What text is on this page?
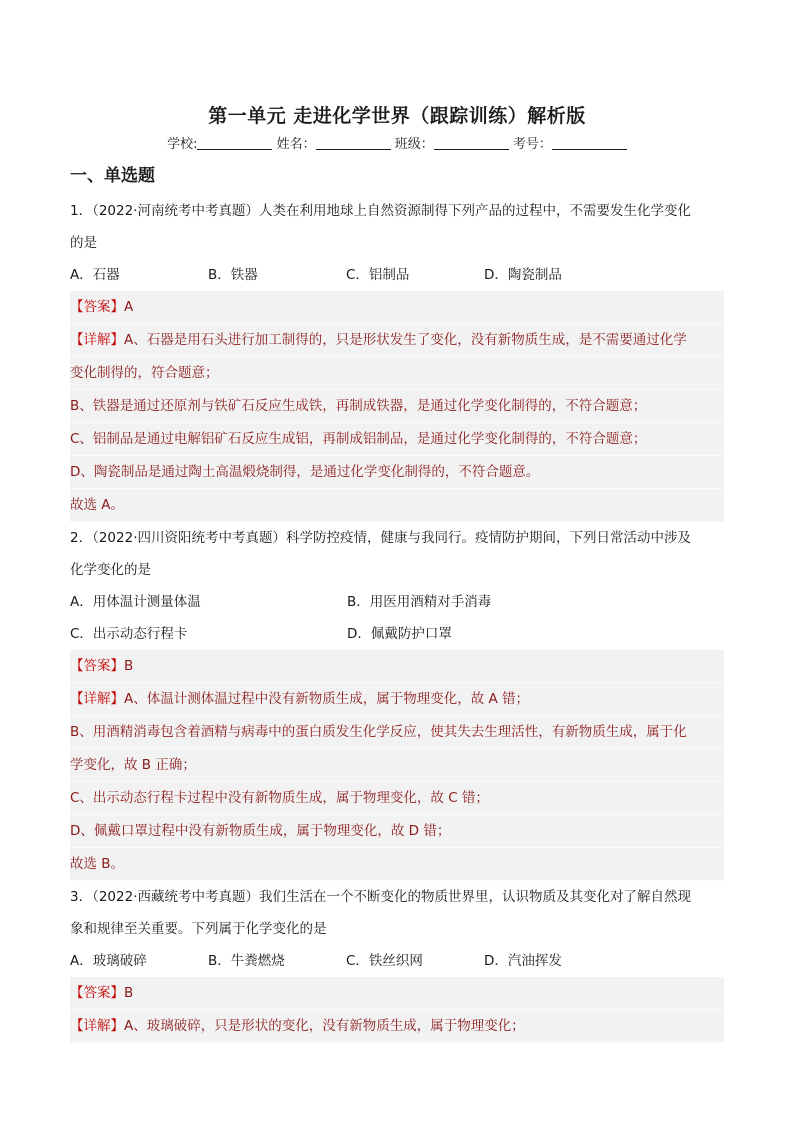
第一单元 走进化学世界（跟踪训练）解析版
学校:	姓名：	班级：	考号：
一、单选题
1．（2022·河南统考中考真题）人类在利用地球上自然资源制得下列产品的过程中，不需要发生化学变化
的是
A．石器	B．铁器	C．铝制品	D．陶瓷制品
【答案】A
【详解】A、石器是用石头进行加工制得的，只是形状发生了变化，没有新物质生成，是不需要通过化学
变化制得的，符合题意；
B、铁器是通过还原剂与铁矿石反应生成铁，再制成铁器，是通过化学变化制得的，不符合题意；
C、铝制品是通过电解铝矿石反应生成铝，再制成铝制品，是通过化学变化制得的，不符合题意；
D、陶瓷制品是通过陶土高温煅烧制得，是通过化学变化制得的，不符合题意。
故选 A。
2．（2022·四川资阳统考中考真题）科学防控疫情，健康与我同行。疫情防护期间，下列日常活动中涉及
化学变化的是
A．用体温计测量体温	B．用医用酒精对手消毒
C．出示动态行程卡	D．佩戴防护口罩
【答案】B
【详解】A、体温计测体温过程中没有新物质生成，属于物理变化，故 A 错；
B、用酒精消毒包含着酒精与病毒中的蛋白质发生化学反应，使其失去生理活性，有新物质生成，属于化
学变化，故 B 正确；
C、出示动态行程卡过程中没有新物质生成，属于物理变化，故 C 错；
D、佩戴口罩过程中没有新物质生成，属于物理变化，故 D 错；
故选 B。
3．（2022·西藏统考中考真题）我们生活在一个不断变化的物质世界里，认识物质及其变化对了解自然现
象和规律至关重要。下列属于化学变化的是
A．玻璃破碎	B．牛粪燃烧	C．铁丝织网	D．汽油挥发
【答案】B
【详解】A、玻璃破碎，只是形状的变化，没有新物质生成，属于物理变化；
